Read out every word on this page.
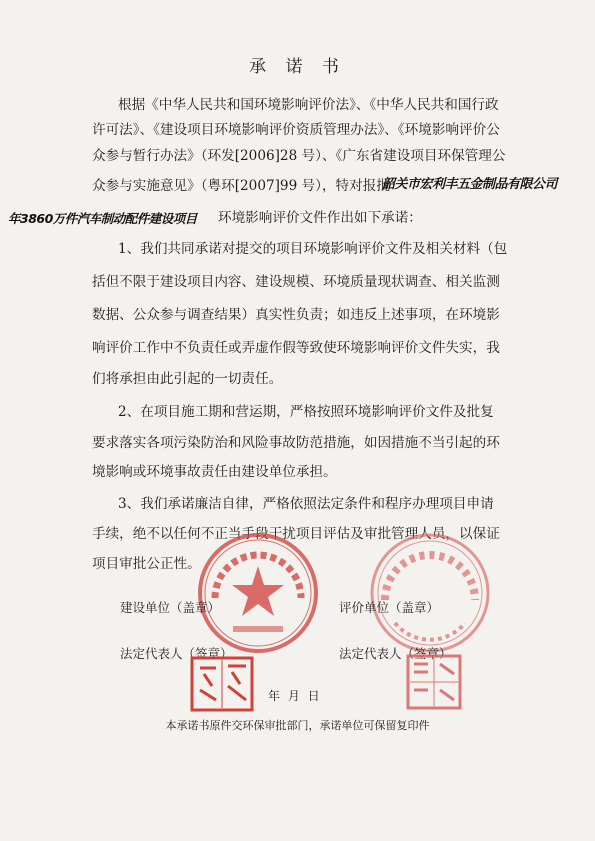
承 诺 书
根据《中华人民共和国环境影响评价法》、《中华人民共和国行政
许可法》、《建设项目环境影响评价资质管理办法》、《环境影响评价公
众参与暂行办法》（环发[2006]28 号）、《广东省建设项目环保管理公
众参与实施意见》（粤环[2007]99 号），特对报批
韶关市宏利丰五金制品有限公司
年3860万件汽车制动配件建设项目 环境影响评价文件作出如下承诺：
1、我们共同承诺对提交的项目环境影响评价文件及相关材料（包
括但不限于建设项目内容、建设规模、环境质量现状调查、相关监测
数据、公众参与调查结果）真实性负责；如违反上述事项，在环境影
响评价工作中不负责任或弄虚作假等致使环境影响评价文件失实，我
们将承担由此引起的一切责任。
2、在项目施工期和营运期，严格按照环境影响评价文件及批复
要求落实各项污染防治和风险事故防范措施，如因措施不当引起的环
境影响或环境事故责任由建设单位承担。
3、我们承诺廉洁自律，严格依照法定条件和程序办理项目申请
手续，绝不以任何不正当手段干扰项目评估及审批管理人员，以保证
项目审批公正性。
建设单位（盖章）	评价单位（盖章）
法定代表人（签章）	法定代表人（签章）
年 月 日
本承诺书原件交环保审批部门，承诺单位可保留复印件
